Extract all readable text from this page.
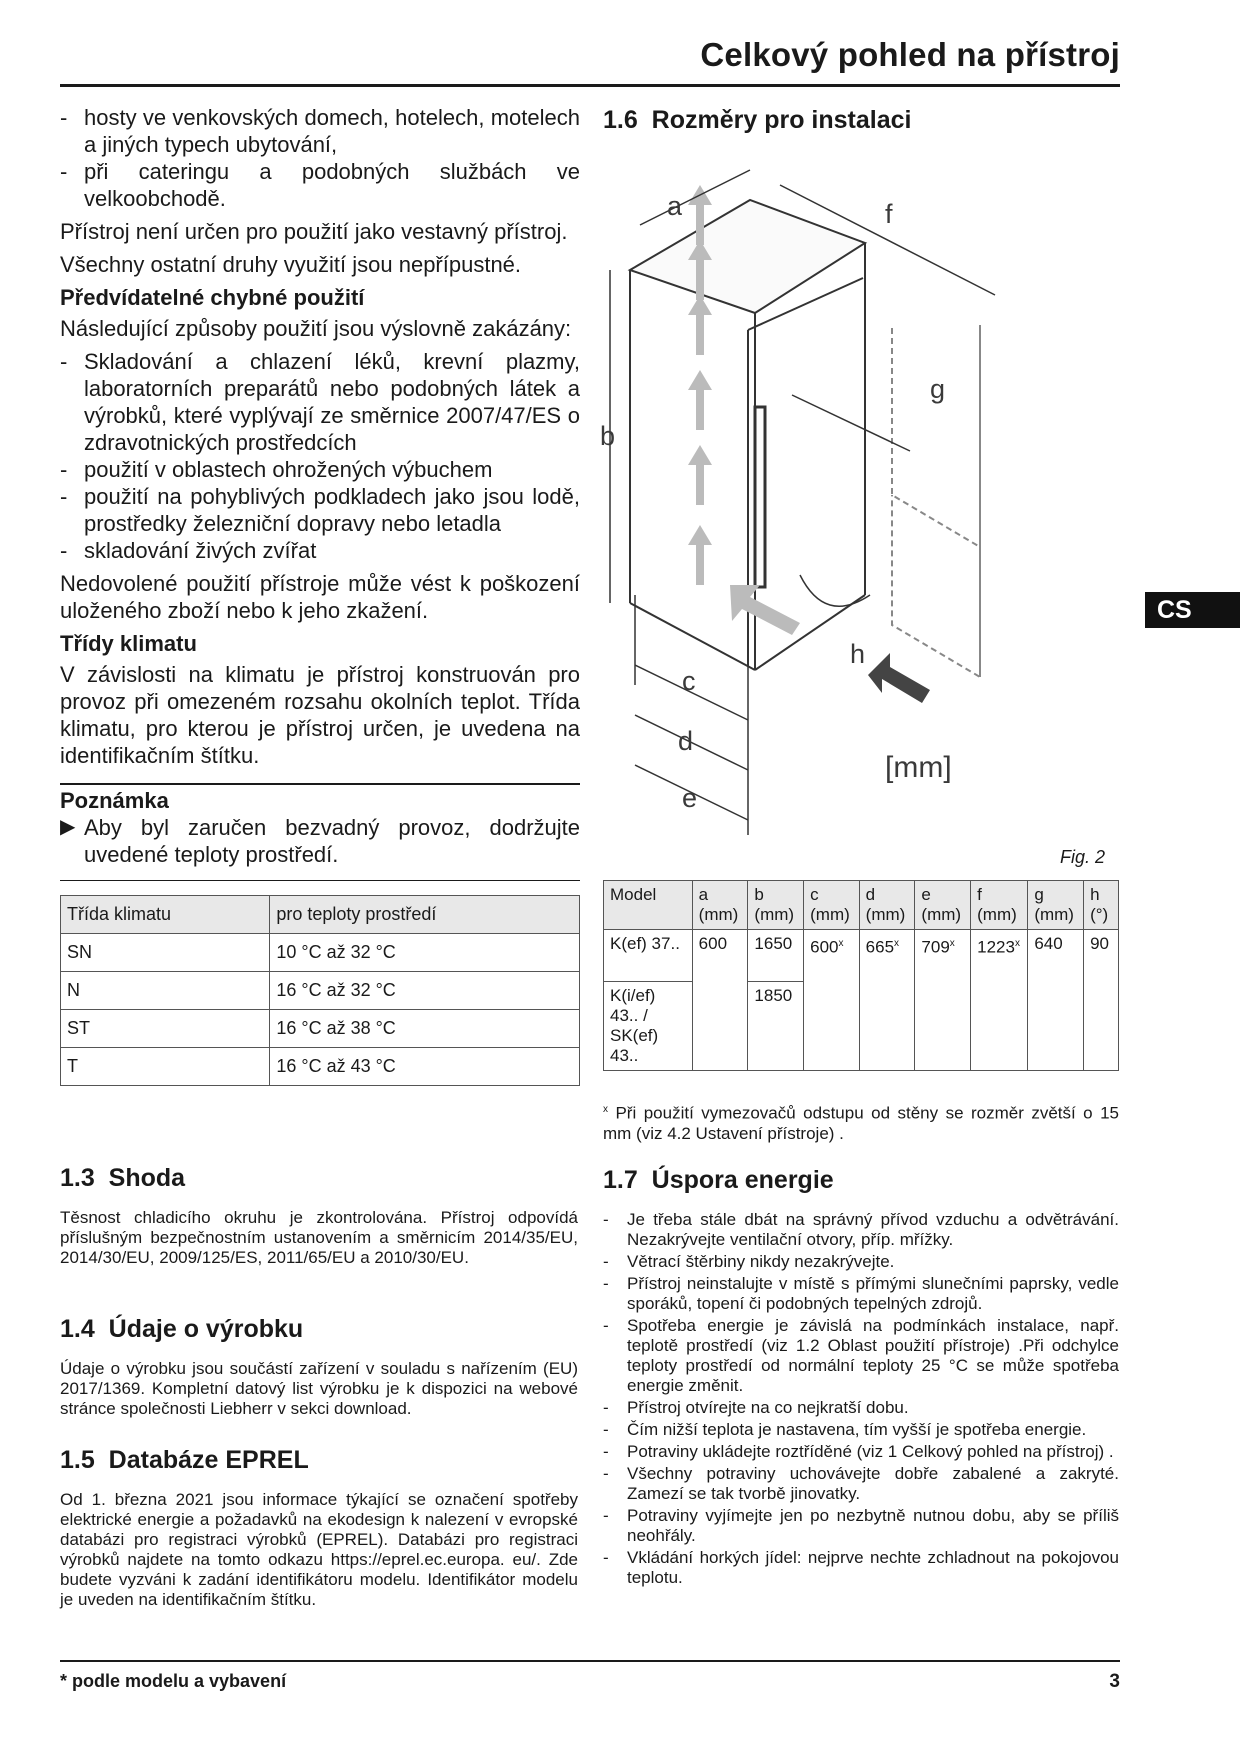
Celkový pohled na přístroj
- hosty ve venkovských domech, hotelech, motelech a jiných typech ubytování,
- při cateringu a podobných službách ve velkoobchodě.

Přístroj není určen pro použití jako vestavný přístroj.

Všechny ostatní druhy využití jsou nepřípustné.

Předvídatelné chybné použití

Následující způsoby použití jsou výslovně zakázány:

- Skladování a chlazení léků, krevní plazmy, laboratorních preparátů nebo podobných látek a výrobků, které vyplývají ze směrnice 2007/47/ES o zdravotnických prostředcích
- použití v oblastech ohrožených výbuchem
- použití na pohyblivých podkladech jako jsou lodě, prostředky železniční dopravy nebo letadla
- skladování živých zvířat

Nedovolené použití přístroje může vést k poškození uloženého zboží nebo k jeho zkažení.

Třídy klimatu

V závislosti na klimatu je přístroj konstruován pro provoz při omezeném rozsahu okolních teplot. Třída klimatu, pro kterou je přístroj určen, je uvedena na identifikačním štítku.

Poznámka
▶ Aby byl zaručen bezvadný provoz, dodržujte uvedené teploty prostředí.
Třída klimatu	pro teploty prostředí
SN	10 °C až 32 °C
N	16 °C až 32 °C
ST	16 °C až 38 °C
T	16 °C až 43 °C
1.3 Shoda
Těsnost chladicího okruhu je zkontrolována. Přístroj odpovídá příslušným bezpečnostním ustanovením a směrnicím 2014/35/EU, 2014/30/EU, 2009/125/ES, 2011/65/EU a 2010/30/EU.
1.4 Údaje o výrobku
Údaje o výrobku jsou součástí zařízení v souladu s nařízením (EU) 2017/1369. Kompletní datový list výrobku je k dispozici na webové stránce společnosti Liebherr v sekci download.
1.5 Databáze EPREL
Od 1. března 2021 jsou informace týkající se označení spotřeby elektrické energie a požadavků na ekodesign k nalezení v evropské databázi pro registraci výrobků (EPREL). Databázi pro registraci výrobků najdete na tomto odkazu https://eprel.ec.europa. eu/. Zde budete vyzváni k zadání identifikátoru modelu. Identifikátor modelu je uveden na identifikačním štítku.
1.6 Rozměry pro instalaci
a
b
c
d
e
f
g
h
[mm]
Fig. 2
Model	a (mm)	b (mm)	c (mm)	d (mm)	e (mm)	f (mm)	g (mm)	h (°)
K(ef) 37..	600	1650	600$^x$	665$^x$	709$^x$	1223$^x$	640	90
K(i/ef) 43.. / SK(ef) 43..		1850						
$^x$ Při použití vymezovačů odstupu od stěny se rozměr zvětší o 15 mm (viz 4.2 Ustavení přístroje) .
1.7 Úspora energie
- Je třeba stále dbát na správný přívod vzduchu a odvětrávání. Nezakrývejte ventilační otvory, příp. mřížky.
- Větrací štěrbiny nikdy nezakrývejte.
- Přístroj neinstalujte v místě s přímými slunečními paprsky, vedle sporáků, topení či podobných tepelných zdrojů.
- Spotřeba energie je závislá na podmínkách instalace, např. teplotě prostředí (viz 1.2 Oblast použití přístroje) .Při odchylce teploty prostředí od normální teploty 25 °C se může spotřeba energie změnit.
- Přístroj otvírejte na co nejkratší dobu.
- Čím nižší teplota je nastavena, tím vyšší je spotřeba energie.
- Potraviny ukládejte roztříděné (viz 1 Celkový pohled na přístroj) .
- Všechny potraviny uchovávejte dobře zabalené a zakryté. Zamezí se tak tvorbě jinovatky.
- Potraviny vyjímejte jen po nezbytně nutnou dobu, aby se příliš neohřály.
- Vkládání horkých jídel: nejprve nechte zchladnout na pokojovou teplotu.
CS
* podle modelu a vybavení	3
